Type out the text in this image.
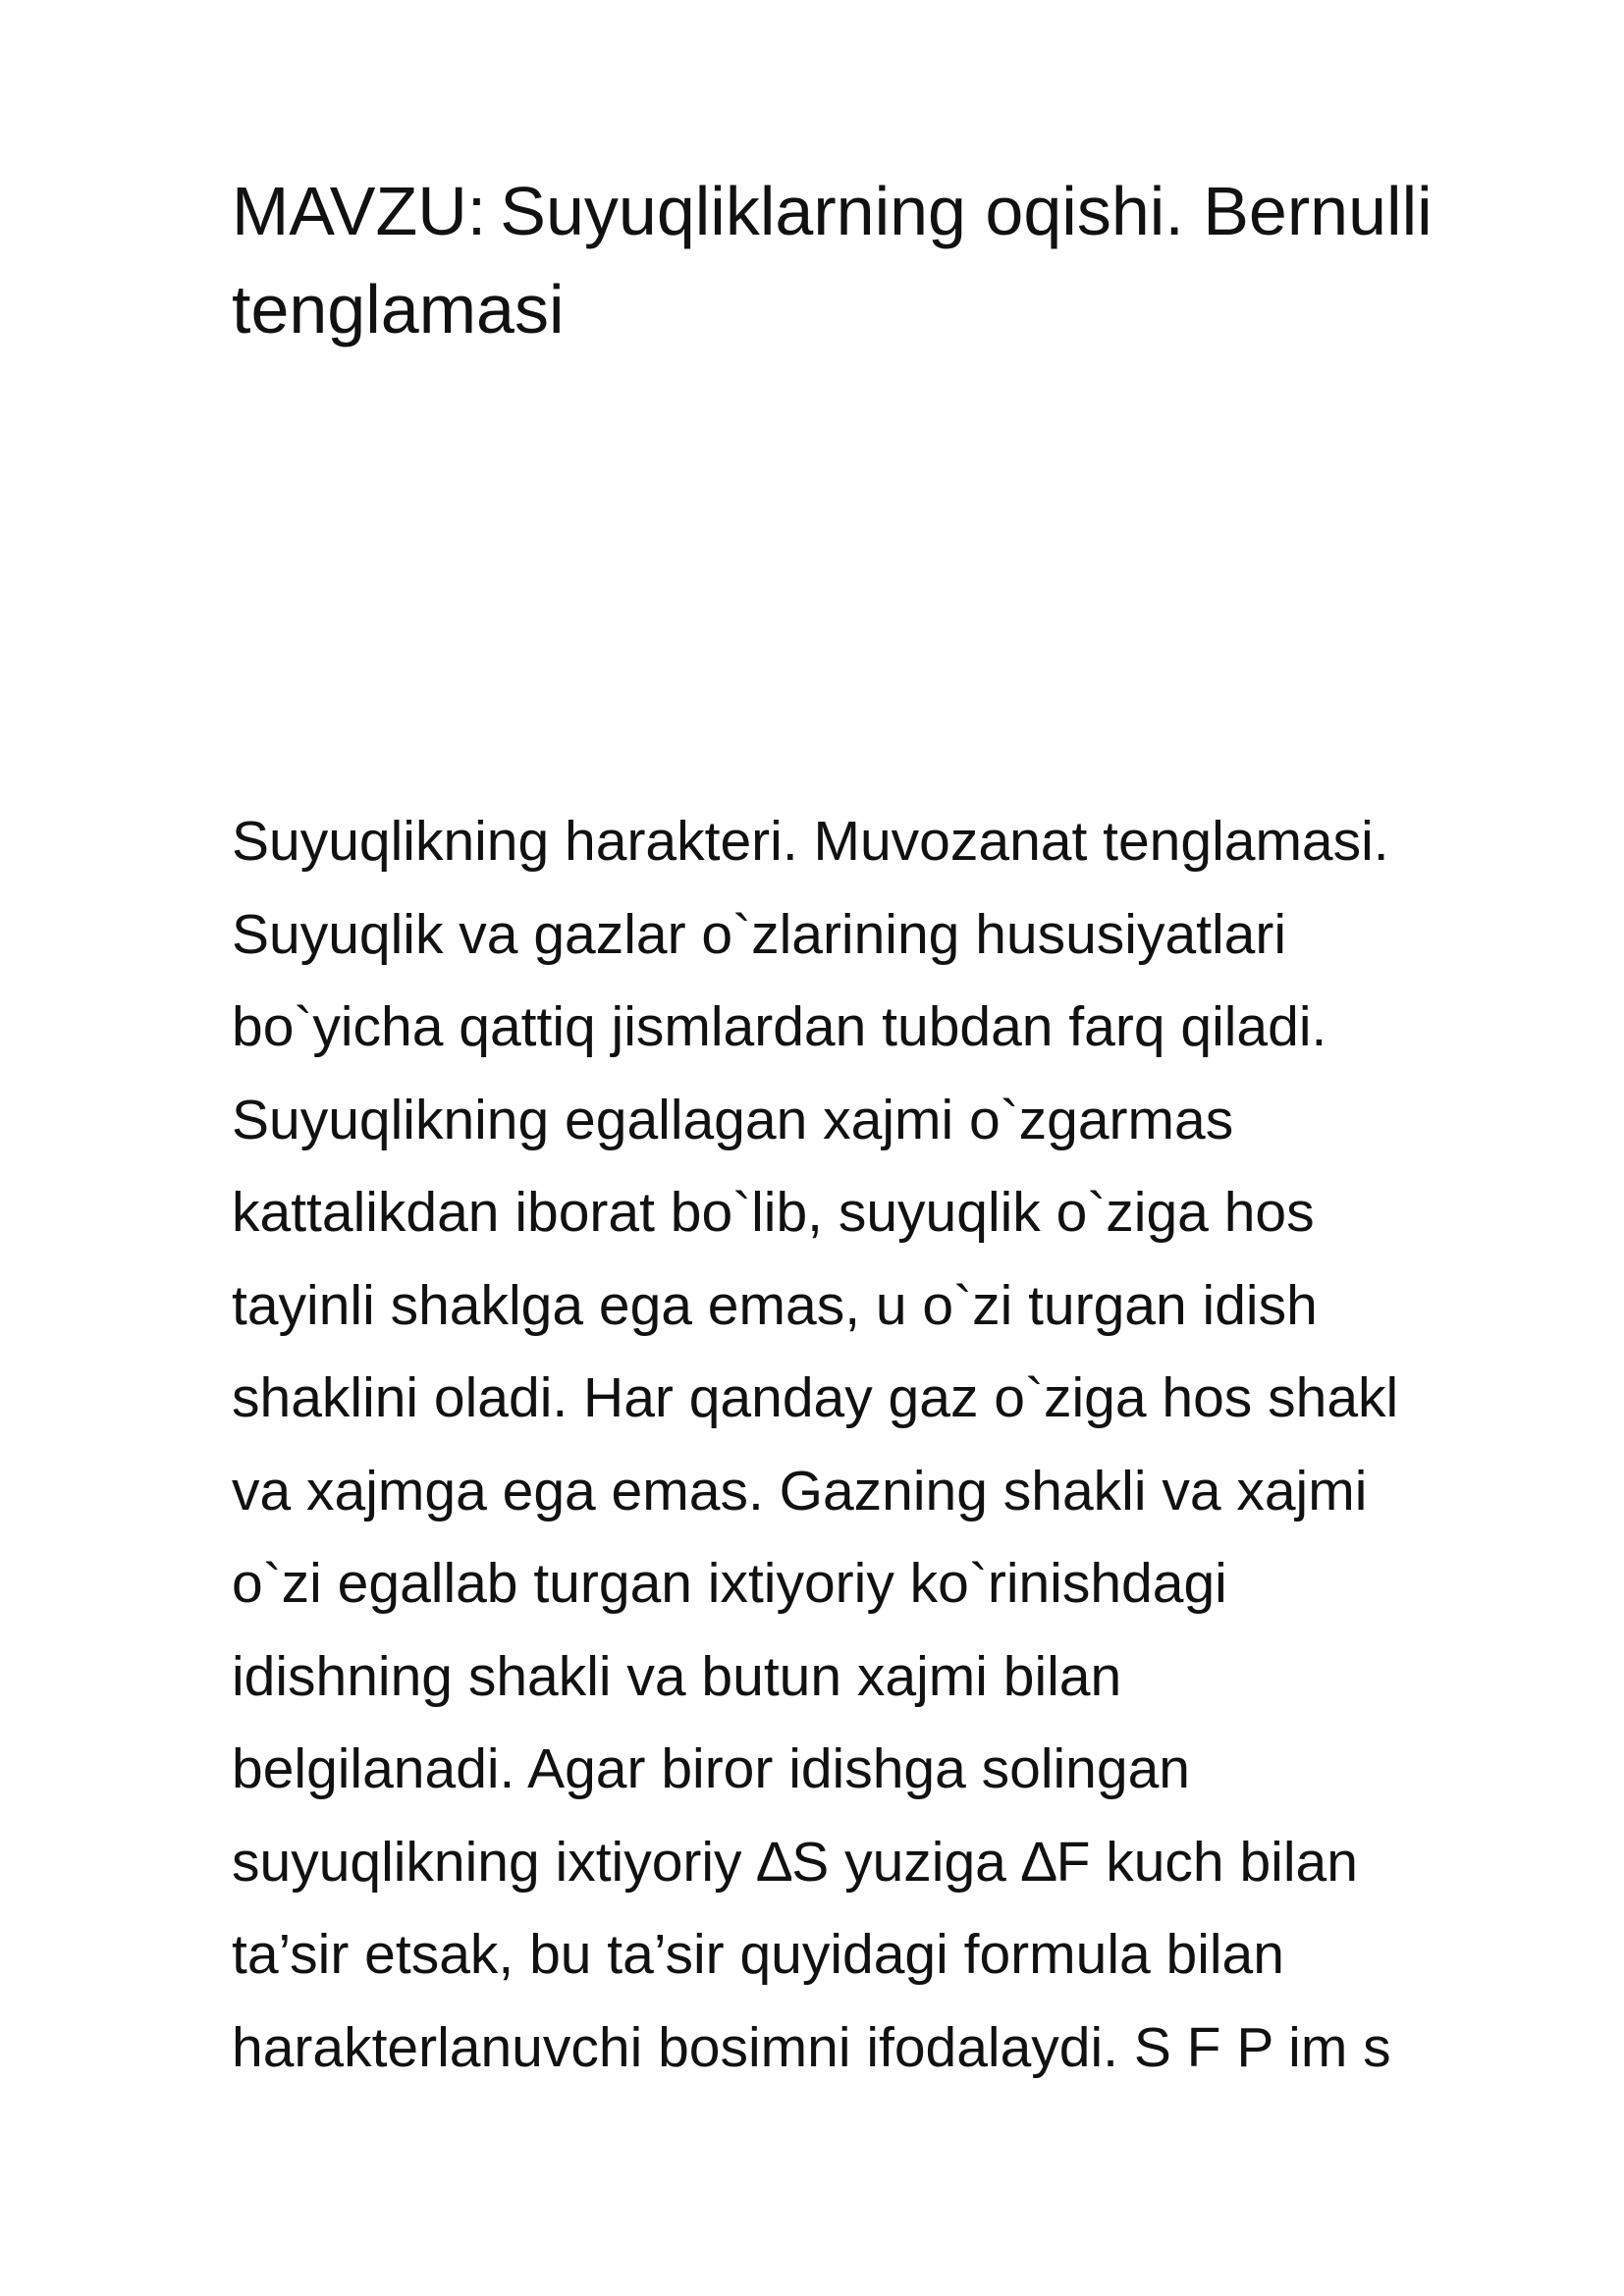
MAVZU: Suyuqliklarning oqishi. Bernulli
tenglamasi
Suyuqlikning harakteri. Muvozanat tenglamasi.
Suyuqlik va gazlar o`zlarining hususiyatlari
bo`yicha qattiq jismlardan tubdan farq qiladi.
Suyuqlikning egallagan xajmi o`zgarmas
kattalikdan iborat bo`lib, suyuqlik o`ziga hos
tayinli shaklga ega emas, u o`zi turgan idish
shaklini oladi. Har qanday gaz o`ziga hos shakl
va xajmga ega emas. Gazning shakli va xajmi
o`zi egallab turgan ixtiyoriy ko`rinishdagi
idishning shakli va butun xajmi bilan
belgilanadi. Agar biror idishga solingan
suyuqlikning ixtiyoriy ∆S yuziga ∆F kuch bilan
ta’sir etsak, bu ta’sir quyidagi formula bilan
harakterlanuvchi bosimni ifodalaydi. S F P im s
